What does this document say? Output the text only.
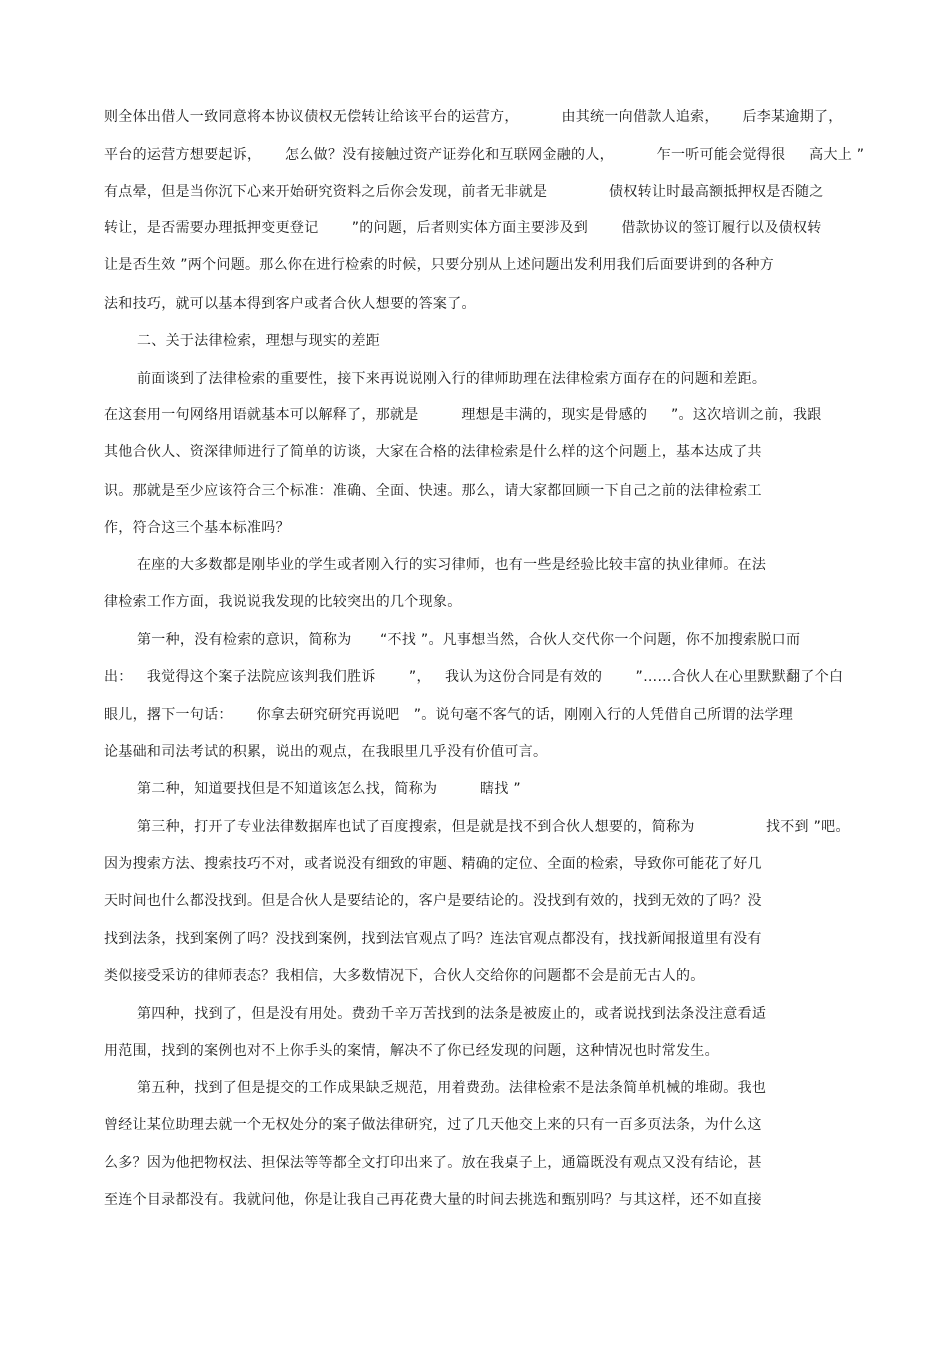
则全体出借人一致同意将本协议债权无偿转让给该平台的运营方，         由其统一向借款人追索，     后李某逾期了，
平台的运营方想要起诉，     怎么做？没有接触过资产证券化和互联网金融的人，         乍一听可能会觉得很     高大上 ”
有点晕，但是当你沉下心来开始研究资料之后你会发现，前者无非就是             债权转让时最高额抵押权是否随之
转让，是否需要办理抵押变更登记       ”的问题，后者则实体方面主要涉及到       借款协议的签订履行以及债权转
让是否生效 ”两个问题。那么你在进行检索的时候，只要分别从上述问题出发利用我们后面要讲到的各种方
法和技巧，就可以基本得到客户或者合伙人想要的答案了。
二、关于法律检索，理想与现实的差距
前面谈到了法律检索的重要性，接下来再说说刚入行的律师助理在法律检索方面存在的问题和差距。
在这套用一句网络用语就基本可以解释了，那就是         理想是丰满的，现实是骨感的     ”。这次培训之前，我跟
其他合伙人、资深律师进行了简单的访谈，大家在合格的法律检索是什么样的这个问题上，基本达成了共
识。那就是至少应该符合三个标准：准确、全面、快速。那么，请大家都回顾一下自己之前的法律检索工
作，符合这三个基本标准吗？
在座的大多数都是刚毕业的学生或者刚入行的实习律师，也有一些是经验比较丰富的执业律师。在法
律检索工作方面，我说说我发现的比较突出的几个现象。
第一种，没有检索的意识，简称为      “不找 ”。凡事想当然，合伙人交代你一个问题，你不加搜索脱口而
出：   我觉得这个案子法院应该判我们胜诉       ”，   我认为这份合同是有效的       ”……合伙人在心里默默翻了个白
眼儿，撂下一句话：     你拿去研究研究再说吧   ”。说句毫不客气的话，刚刚入行的人凭借自己所谓的法学理
论基础和司法考试的积累，说出的观点，在我眼里几乎没有价值可言。
第二种，知道要找但是不知道该怎么找，简称为         瞎找 ”
第三种，打开了专业法律数据库也试了百度搜索，但是就是找不到合伙人想要的，简称为               找不到 ”吧。
因为搜索方法、搜索技巧不对，或者说没有细致的审题、精确的定位、全面的检索，导致你可能花了好几
天时间也什么都没找到。但是合伙人是要结论的，客户是要结论的。没找到有效的，找到无效的了吗？没
找到法条，找到案例了吗？没找到案例，找到法官观点了吗？连法官观点都没有，找找新闻报道里有没有
类似接受采访的律师表态？我相信，大多数情况下，合伙人交给你的问题都不会是前无古人的。
第四种，找到了，但是没有用处。费劲千辛万苦找到的法条是被废止的，或者说找到法条没注意看适
用范围，找到的案例也对不上你手头的案情，解决不了你已经发现的问题，这种情况也时常发生。
第五种，找到了但是提交的工作成果缺乏规范，用着费劲。法律检索不是法条简单机械的堆砌。我也
曾经让某位助理去就一个无权处分的案子做法律研究，过了几天他交上来的只有一百多页法条，为什么这
么多？因为他把物权法、担保法等等都全文打印出来了。放在我桌子上，通篇既没有观点又没有结论，甚
至连个目录都没有。我就问他，你是让我自己再花费大量的时间去挑选和甄别吗？与其这样，还不如直接
